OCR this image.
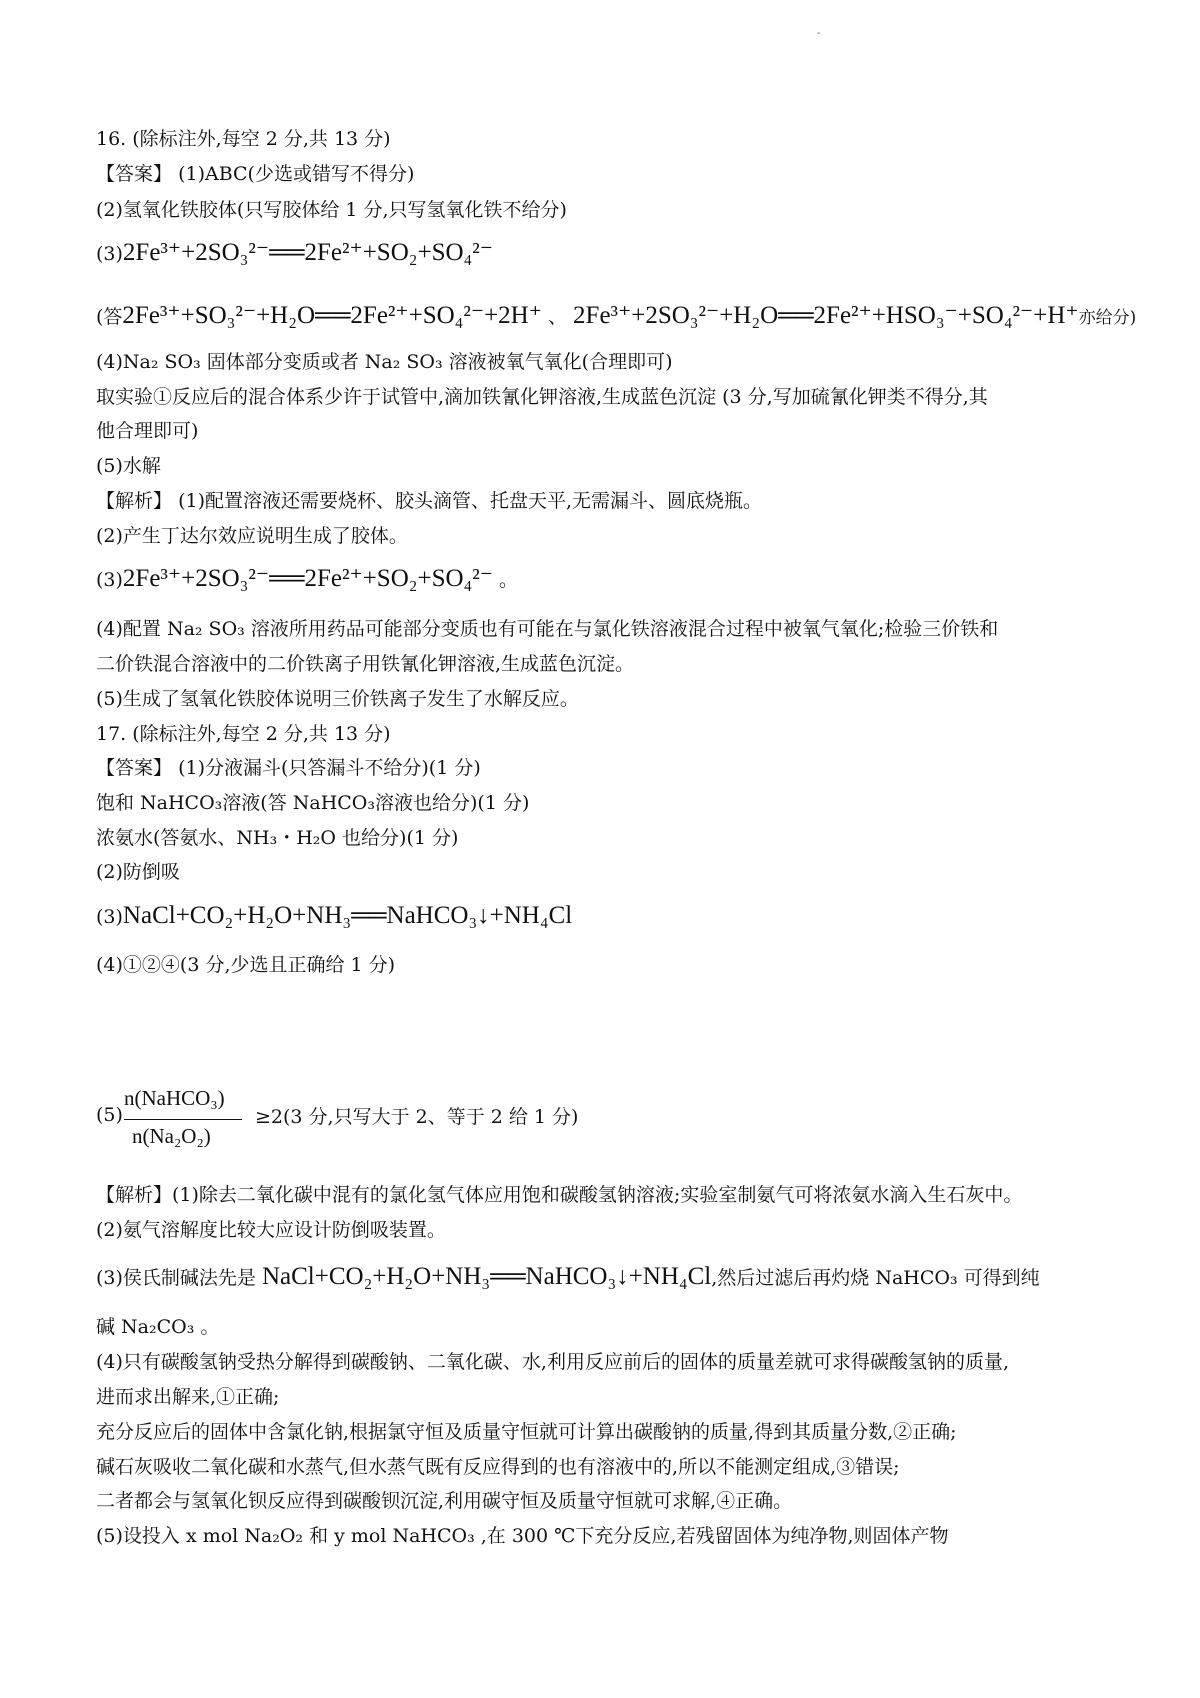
-
16. (除标注外,每空 2 分,共 13 分)
【答案】 (1)ABC(少选或错写不得分)
(2)氢氧化铁胶体(只写胶体给 1 分,只写氢氧化铁不给分)
(3)2Fe³⁺+2SO₃²⁻══2Fe²⁺+SO₂+SO₄²⁻
(答2Fe³⁺+SO₃²⁻+H₂O══2Fe²⁺+SO₄²⁻+2H⁺ 、 2Fe³⁺+2SO₃²⁻+H₂O══2Fe²⁺+HSO₃⁻+SO₄²⁻+H⁺亦给分)
(4)Na₂ SO₃ 固体部分变质或者 Na₂ SO₃ 溶液被氧气氧化(合理即可)
取实验①反应后的混合体系少许于试管中,滴加铁氰化钾溶液,生成蓝色沉淀 (3 分,写加硫氰化钾类不得分,其
他合理即可)
(5)水解
【解析】 (1)配置溶液还需要烧杯、胶头滴管、托盘天平,无需漏斗、圆底烧瓶。
(2)产生丁达尔效应说明生成了胶体。
(3)2Fe³⁺+2SO₃²⁻══2Fe²⁺+SO₂+SO₄²⁻ 。
(4)配置 Na₂ SO₃ 溶液所用药品可能部分变质也有可能在与氯化铁溶液混合过程中被氧气氧化;检验三价铁和
二价铁混合溶液中的二价铁离子用铁氰化钾溶液,生成蓝色沉淀。
(5)生成了氢氧化铁胶体说明三价铁离子发生了水解反应。
17. (除标注外,每空 2 分,共 13 分)
【答案】 (1)分液漏斗(只答漏斗不给分)(1 分)
饱和 NaHCO₃溶液(答 NaHCO₃溶液也给分)(1 分)
浓氨水(答氨水、NH₃・H₂O 也给分)(1 分)
(2)防倒吸
(3)NaCl+CO₂+H₂O+NH₃══NaHCO₃↓+NH₄Cl
(4)①②④(3 分,少选且正确给 1 分)
(5)
n(NaHCO₃)
n(Na₂O₂)
≥2(3 分,只写大于 2、等于 2 给 1 分)
【解析】(1)除去二氧化碳中混有的氯化氢气体应用饱和碳酸氢钠溶液;实验室制氨气可将浓氨水滴入生石灰中。
(2)氨气溶解度比较大应设计防倒吸装置。
(3)侯氏制碱法先是 NaCl+CO₂+H₂O+NH₃══NaHCO₃↓+NH₄Cl,然后过滤后再灼烧 NaHCO₃ 可得到纯
碱 Na₂CO₃ 。
(4)只有碳酸氢钠受热分解得到碳酸钠、二氧化碳、水,利用反应前后的固体的质量差就可求得碳酸氢钠的质量,
进而求出解来,①正确;
充分反应后的固体中含氯化钠,根据氯守恒及质量守恒就可计算出碳酸钠的质量,得到其质量分数,②正确;
碱石灰吸收二氧化碳和水蒸气,但水蒸气既有反应得到的也有溶液中的,所以不能测定组成,③错误;
二者都会与氢氧化钡反应得到碳酸钡沉淀,利用碳守恒及质量守恒就可求解,④正确。
(5)设投入 x mol Na₂O₂ 和 y mol NaHCO₃ ,在 300 ℃下充分反应,若残留固体为纯净物,则固体产物
